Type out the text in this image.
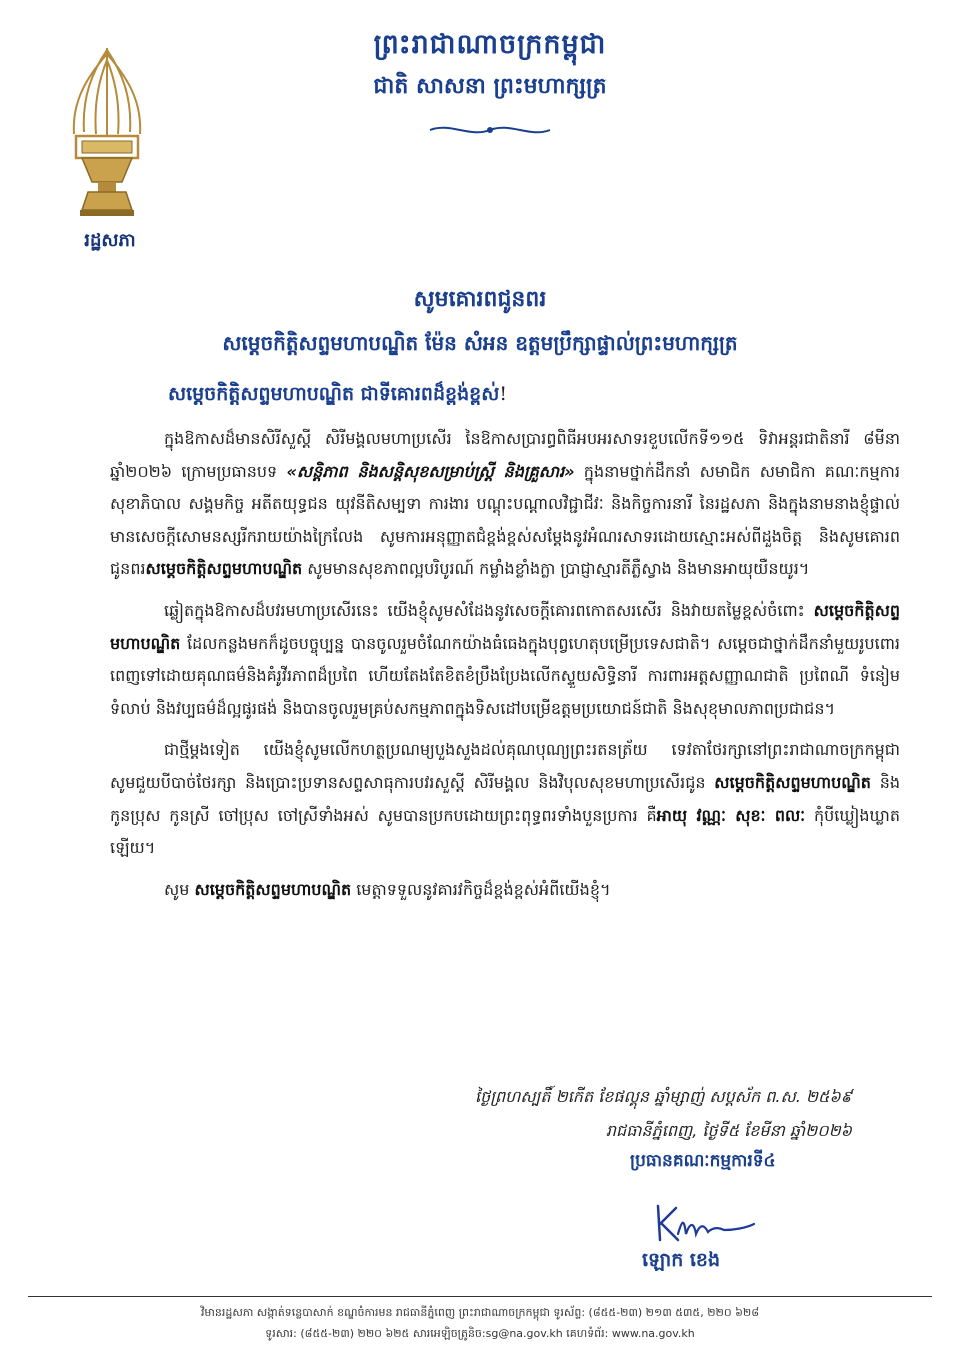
រដ្ឋសភា
ព្រះរាជាណាចក្រកម្ពុជា
ជាតិ សាសនា ព្រះមហាក្សត្រ
សូមគោរពជូនពរ
សម្តេចកិត្តិសព្ទមហាបណ្ឌិត ម៉ែន សំអន ឧត្តមប្រឹក្សាផ្ទាល់ព្រះមហាក្សត្រ
សម្តេចកិត្តិសព្ទមហាបណ្ឌិត ជាទីគោរពដ៏ខ្ពង់ខ្ពស់!

ក្នុងឱកាសដ៏មានសិរីសួស្តី សិរីមង្គលមហាប្រសើរ នៃឱកាសប្រារព្ធពិធីអបអរសាទរខួបលើកទី១១៥ ទិវាអន្តរជាតិនារី ៨មីនា ឆ្នាំ២០២៦ ក្រោមប្រធានបទ «សន្តិភាព និងសន្តិសុខសម្រាប់ស្ត្រី និងគ្រួសារ» ក្នុងនាមថ្នាក់ដឹកនាំ សមាជិក សមាជិកា គណៈកម្មការសុខាភិបាល សង្គមកិច្ច អតីតយុទ្ធជន យុវនីតិសម្បទា ការងារ បណ្តុះបណ្តាលវិជ្ជាជីវៈ និងកិច្ចការនារី នៃរដ្ឋសភា និងក្នុងនាមនាងខ្ញុំផ្ទាល់ មានសេចក្តីសោមនស្សរីករាយយ៉ាងក្រៃលែង សូមការអនុញ្ញាតជំខ្ពង់ខ្ពស់សម្តែងនូវអំណរសាទរដោយស្មោះអស់ពីដួងចិត្ត និងសូមគោរពជូនពរសម្តេចកិត្តិសព្ទមហាបណ្ឌិត សូមមានសុខភាពល្អបរិបូរណ៍ កម្លាំងខ្លាំងក្លា ប្រាជ្ញាស្មារតីភ្លឺស្វាង និងមានអាយុយឺនយូរ។

ឆ្លៀតក្នុងឱកាសដ៏បវរមហាប្រសើរនេះ យើងខ្ញុំសូមសំដែងនូវសេចក្តីគោរពកោតសរសើរ និងវាយតម្លៃខ្ពស់ចំពោះ សម្តេចកិត្តិសព្ទមហាបណ្ឌិត ដែលកន្លងមកក៏ដូចបច្ចុប្បន្ន បានចូលរួមចំណែកយ៉ាងធំធេងក្នុងបុព្វហេតុបម្រើប្រទេសជាតិ។ សម្តេចជាថ្នាក់ដឹកនាំមួយរូបពោរពេញទៅដោយគុណធម៌និងគំរូវីរភាពដ៏ប្រពៃ ហើយតែងតែខិតខំប្រឹងប្រែងលើកស្ទួយសិទ្ធិនារី ការពារអត្តសញ្ញាណជាតិ ប្រពៃណី ទំនៀមទំលាប់ និងវប្បធម៌ដ៏ល្អផូរផង់ និងបានចូលរួមគ្រប់សកម្មភាពក្នុងទិសដៅបម្រើឧត្តមប្រយោជន៍ជាតិ និងសុខុមាលភាពប្រជាជន។

ជាថ្មីម្តងទៀត យើងខ្ញុំសូមលើកហត្ថប្រណម្យបួងសួងដល់គុណបុណ្យព្រះរតនត្រ័យ ទេវតាថែរក្សានៅព្រះរាជាណាចក្រកម្ពុជា សូមជួយបីបាច់ថែរក្សា និងប្រោះប្រទានសព្ទសាធុការបវរសួស្តី សិរីមង្គល និងវិបុលសុខមហាប្រសើរជូន សម្តេចកិត្តិសព្ទមហាបណ្ឌិត និងកូនប្រុស កូនស្រី ចៅប្រុស ចៅស្រីទាំងអស់ សូមបានប្រកបដោយព្រះពុទ្ធពរទាំងបួនប្រការ គឺអាយុ វណ្ណៈ សុខៈ ពលៈ កុំបីឃ្លៀងឃ្លាតឡើយ។

សូម សម្តេចកិត្តិសព្ទមហាបណ្ឌិត មេត្តាទទួលនូវគារវកិច្ចដ៏ខ្ពង់ខ្ពស់អំពីយើងខ្ញុំ។

ថ្ងៃព្រហស្បតិ៍ ២កើត ខែផល្គុន ឆ្នាំម្សាញ់ សប្តស័ក ព.ស. ២៥៦៩
រាជធានីភ្នំពេញ, ថ្ងៃទី៥ ខែមីនា ឆ្នាំ២០២៦
ប្រធានគណៈកម្មការទី៤
ឡោក ខេង
វិមានរដ្ឋសភា សង្កាត់ទន្លេបាសាក់ ខណ្ឌចំការមន រាជធានីភ្នំពេញ ព្រះរាជាណាចក្រកម្ពុជា ទូរស័ព្ទ: (៨៥៥-២៣) ២១៣ ៥៣៥, ២២០ ៦២៨
ទូរសារ: (៨៥៥-២៣) ២២០ ៦២៥ សារអេឡិចត្រូនិច:sg@na.gov.kh គេហទំព័រ: www.na.gov.kh
